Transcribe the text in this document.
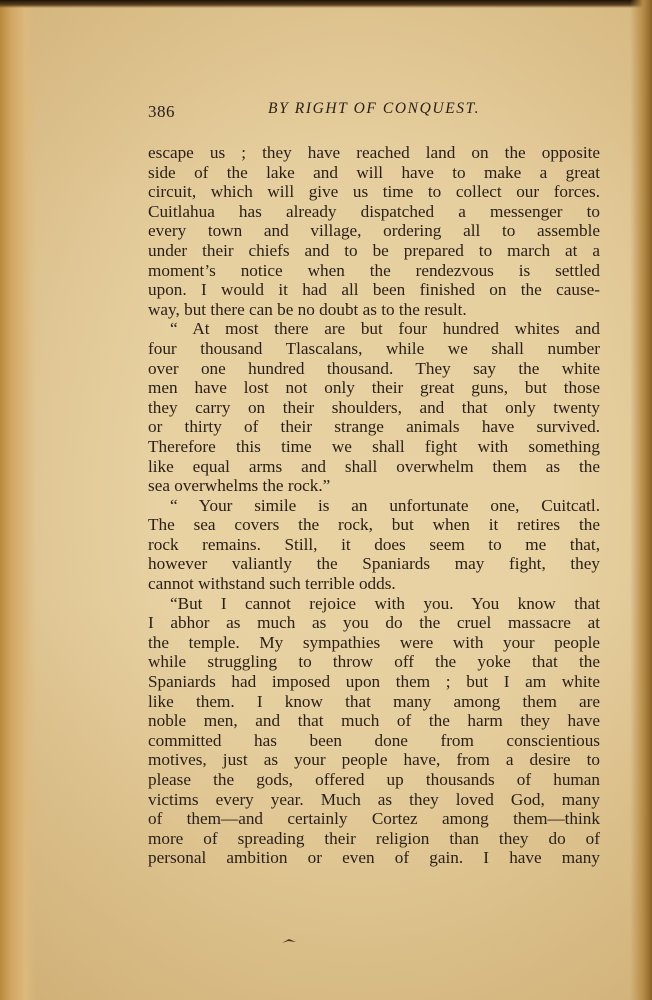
386	BY RIGHT OF CONQUEST.
escape us ; they have reached land on the opposite
side of the lake and will have to make a great
circuit, which will give us time to collect our forces.
Cuitlahua has already dispatched a messenger to
every town and village, ordering all to assemble
under their chiefs and to be prepared to march at a
moment’s notice when the rendezvous is settled
upon. I would it had all been finished on the cause-
way, but there can be no doubt as to the result.
“ At most there are but four hundred whites and
four thousand Tlascalans, while we shall number
over one hundred thousand. They say the white
men have lost not only their great guns, but those
they carry on their shoulders, and that only twenty
or thirty of their strange animals have survived.
Therefore this time we shall fight with something
like equal arms and shall overwhelm them as the
sea overwhelms the rock.”
“ Your simile is an unfortunate one, Cuitcatl.
The sea covers the rock, but when it retires the
rock remains. Still, it does seem to me that,
however valiantly the Spaniards may fight, they
cannot withstand such terrible odds.
“But I cannot rejoice with you. You know that
I abhor as much as you do the cruel massacre at
the temple. My sympathies were with your people
while struggling to throw off the yoke that the
Spaniards had imposed upon them ; but I am white
like them. I know that many among them are
noble men, and that much of the harm they have
committed has been done from conscientious
motives, just as your people have, from a desire to
please the gods, offered up thousands of human
victims every year. Much as they loved God, many
of them—and certainly Cortez among them—think
more of spreading their religion than they do of
personal ambition or even of gain. I have many
